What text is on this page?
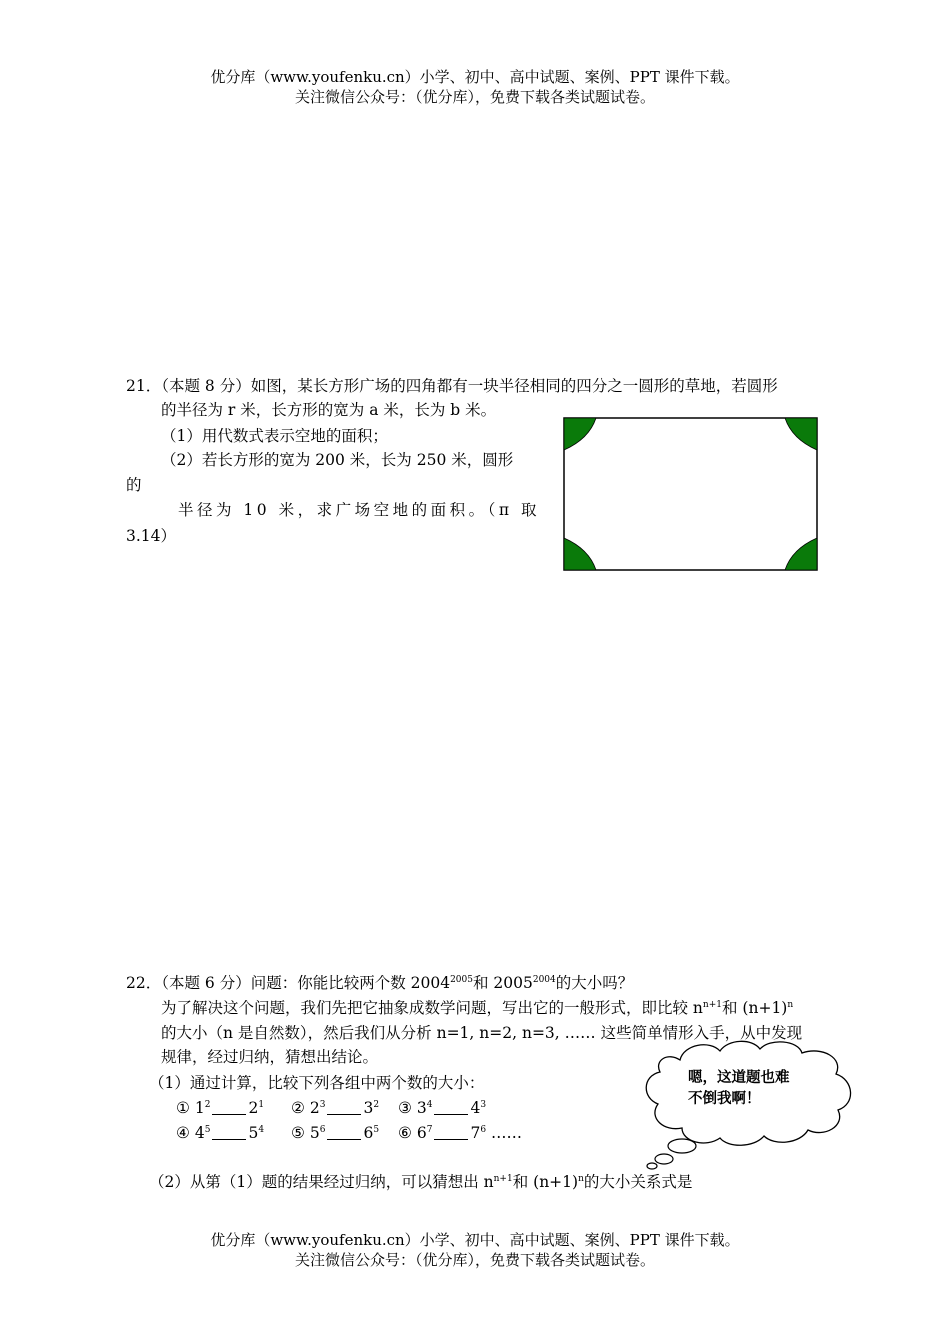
优分库（www.youfenku.cn）小学、初中、高中试题、案例、PPT 课件下载。
关注微信公众号：（优分库），免费下载各类试题试卷。
21．（本题 8 分）如图，某长方形广场的四角都有一块半径相同的四分之一圆形的草地，若圆形
的半径为 r 米，长方形的宽为 a 米，长为 b 米。
（1）用代数式表示空地的面积；
（2）若长方形的宽为 200 米，长为 250 米，圆形
的
半径为 10 米，求广场空地的面积。（π 取
3.14）
22．（本题 6 分）问题：你能比较两个数 $2004^{2005}$和 $2005^{2004}$的大小吗？
为了解决这个问题，我们先把它抽象成数学问题，写出它的一般形式，即比较 $n^{n+1}$和 $(n+1)^n$
的大小（n 是自然数），然后我们从分析 n=1, n=2, n=3, …… 这些简单情形入手，从中发现
规律，经过归纳，猜想出结论。
（1）通过计算，比较下列各组中两个数的大小：
① $1^2$ $2^1$ ② $2^3$ $3^2$ ③ $3^4$ $4^3$
④ $4^5$ $5^4$ ⑤ $5^6$ $6^5$ ⑥ $6^7$ $7^6$ ……
（2）从第（1）题的结果经过归纳，可以猜想出 $n^{n+1}$和 $(n+1)^n$的大小关系式是
嗯，这道题也难
不倒我啊！
优分库（www.youfenku.cn）小学、初中、高中试题、案例、PPT 课件下载。
关注微信公众号：（优分库），免费下载各类试题试卷。
